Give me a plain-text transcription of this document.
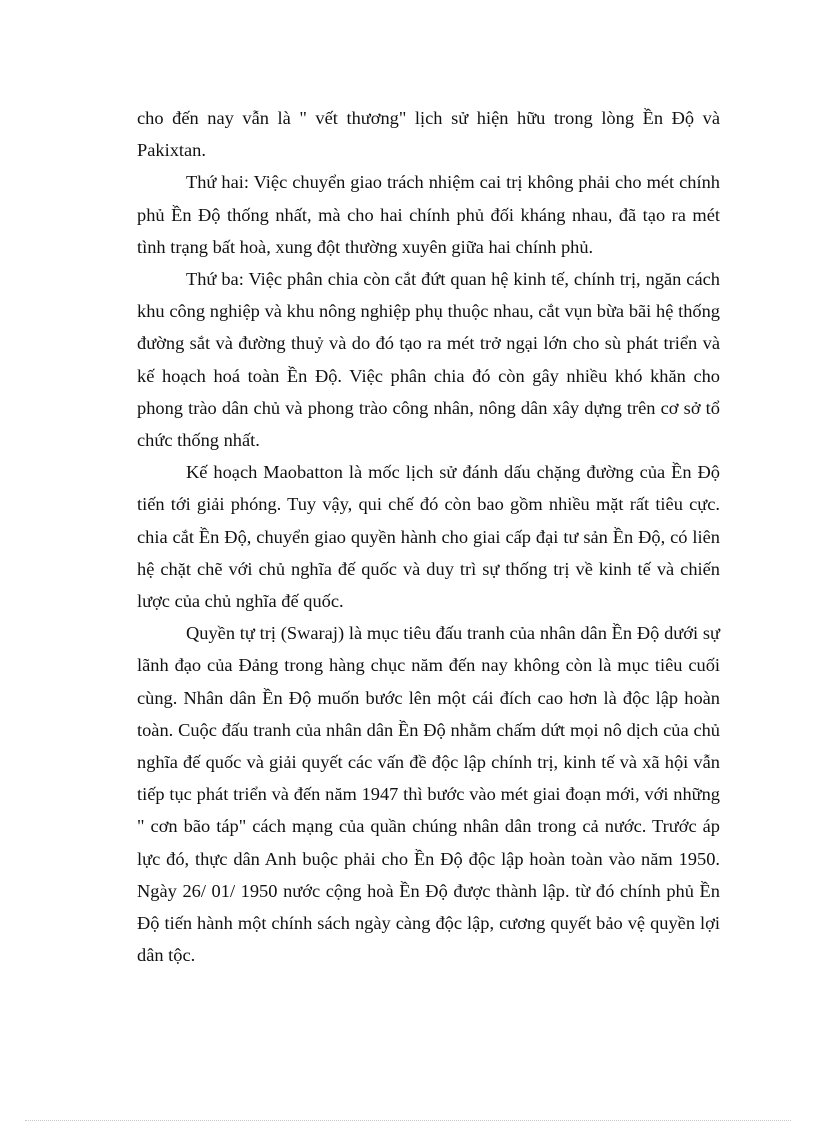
cho đến nay vẫn là " vết thương" lịch sử hiện hữu trong lòng Ền Độ và Pakixtan.

Thứ hai: Việc chuyển giao trách nhiệm cai trị không phải cho mét chính phủ Ền Độ thống nhất, mà cho hai chính phủ đối kháng nhau, đã tạo ra mét tình trạng bất hoà, xung đột thường xuyên giữa hai chính phủ.

Thứ ba: Việc phân chia còn cắt đứt quan hệ kinh tế, chính trị, ngăn cách khu công nghiệp và khu nông nghiệp phụ thuộc nhau, cắt vụn bừa bãi hệ thống đường sắt và đường thuỷ và do đó tạo ra mét trở ngại lớn cho sù phát triển và kế hoạch hoá toàn Ền Độ. Việc phân chia đó còn gây nhiều khó khăn cho phong trào dân chủ và phong trào công nhân, nông dân xây dựng trên cơ sở tổ chức thống nhất.

Kế hoạch Maobatton là mốc lịch sử đánh dấu chặng đường của Ền Độ tiến tới giải phóng. Tuy vậy, qui chế đó còn bao gồm nhiều mặt rất tiêu cực. chia cắt Ền Độ, chuyển giao quyền hành cho giai cấp đại tư sản Ền Độ, có liên hệ chặt chẽ với chủ nghĩa đế quốc và duy trì sự thống trị về kinh tế và chiến lược của chủ nghĩa đế quốc.

Quyền tự trị (Swaraj) là mục tiêu đấu tranh của nhân dân Ền Độ dưới sự lãnh đạo của Đảng trong hàng chục năm đến nay không còn là mục tiêu cuối cùng. Nhân dân Ền Độ muốn bước lên một cái đích cao hơn là độc lập hoàn toàn. Cuộc đấu tranh của nhân dân Ền Độ nhằm chấm dứt mọi nô dịch của chủ nghĩa đế quốc và giải quyết các vấn đề độc lập chính trị, kinh tế và xã hội vẫn tiếp tục phát triển và đến năm 1947 thì bước vào mét giai đoạn mới, với những " cơn bão táp" cách mạng của quần chúng nhân dân trong cả nước. Trước áp lực đó, thực dân Anh buộc phải cho Ền Độ độc lập hoàn toàn vào năm 1950. Ngày 26/ 01/ 1950 nước cộng hoà Ền Độ được thành lập. từ đó chính phủ Ền Độ tiến hành một chính sách ngày càng độc lập, cương quyết bảo vệ quyền lợi dân tộc.
